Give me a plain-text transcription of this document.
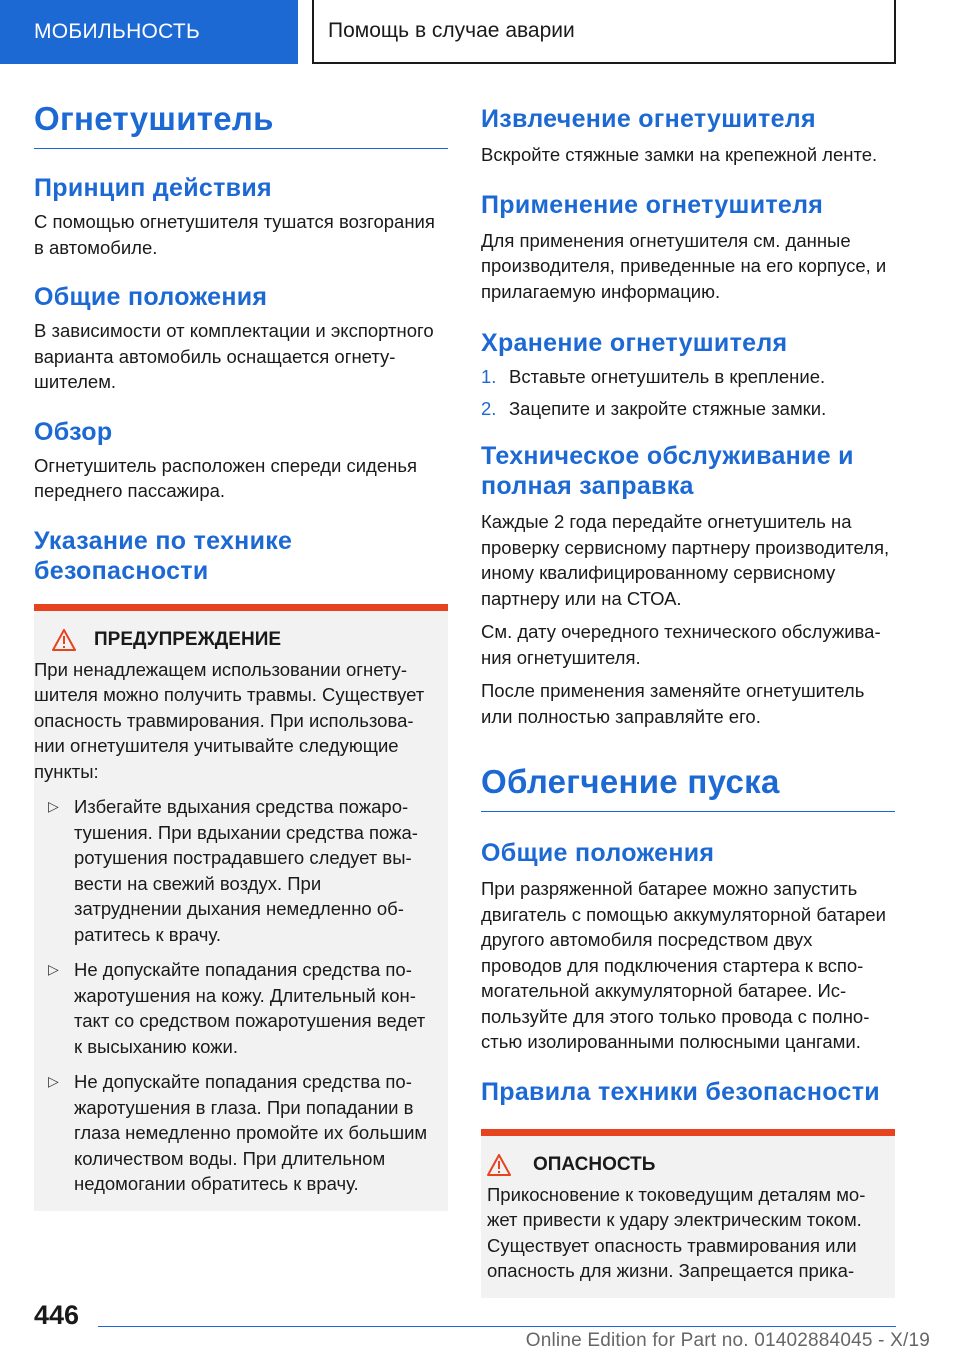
МОБИЛЬНОСТЬ	Помощь в случае аварии
Огнетушитель
Принцип действия

С помощью огнетушителя тушатся возгорания в автомобиле.

Общие положения

В зависимости от комплектации и экспортного варианта автомобиль оснащается огнетушителем.

Обзор

Огнетушитель расположен спереди сиденья переднего пассажира.

Указание по технике безопасности
ПРЕДУПРЕЖДЕНИЕ

При ненадлежащем использовании огнетушителя можно получить травмы. Существует опасность травмирования. При использовании огнетушителя учитывайте следующие пункты:

▷ Избегайте вдыхания средства пожаротушения. При вдыхании средства пожаротушения пострадавшего следует вывести на свежий воздух. При затруднении дыхания немедленно обратитесь к врачу.
▷ Не допускайте попадания средства пожаротушения на кожу. Длительный контакт со средством пожаротушения ведет к высыханию кожи.
▷ Не допускайте попадания средства пожаротушения в глаза. При попадании в глаза немедленно промойте их большим количеством воды. При длительном недомогании обратитесь к врачу.
Извлечение огнетушителя

Вскройте стяжные замки на крепежной ленте.

Применение огнетушителя

Для применения огнетушителя см. данные производителя, приведенные на его корпусе, и прилагаемую информацию.

Хранение огнетушителя
1. Вставьте огнетушитель в крепление.
2. Зацепите и закройте стяжные замки.
Техническое обслуживание и полная заправка

Каждые 2 года передайте огнетушитель на проверку сервисному партнеру производителя, иному квалифицированному сервисному партнеру или на СТОА.

См. дату очередного технического обслуживания огнетушителя.

После применения заменяйте огнетушитель или полностью заправляйте его.

Облегчение пуска
Общие положения

При разряженной батарее можно запустить двигатель с помощью аккумуляторной батареи другого автомобиля посредством двух проводов для подключения стартера к вспомогательной аккумуляторной батарее. Используйте для этого только провода с полностью изолированными полюсными цангами.

Правила техники безопасности
ОПАСНОСТЬ

Прикосновение к токоведущим деталям может привести к удару электрическим током. Существует опасность травмирования или опасность для жизни. Запрещается прика-

446
Online Edition for Part no. 01402884045 - X/19
